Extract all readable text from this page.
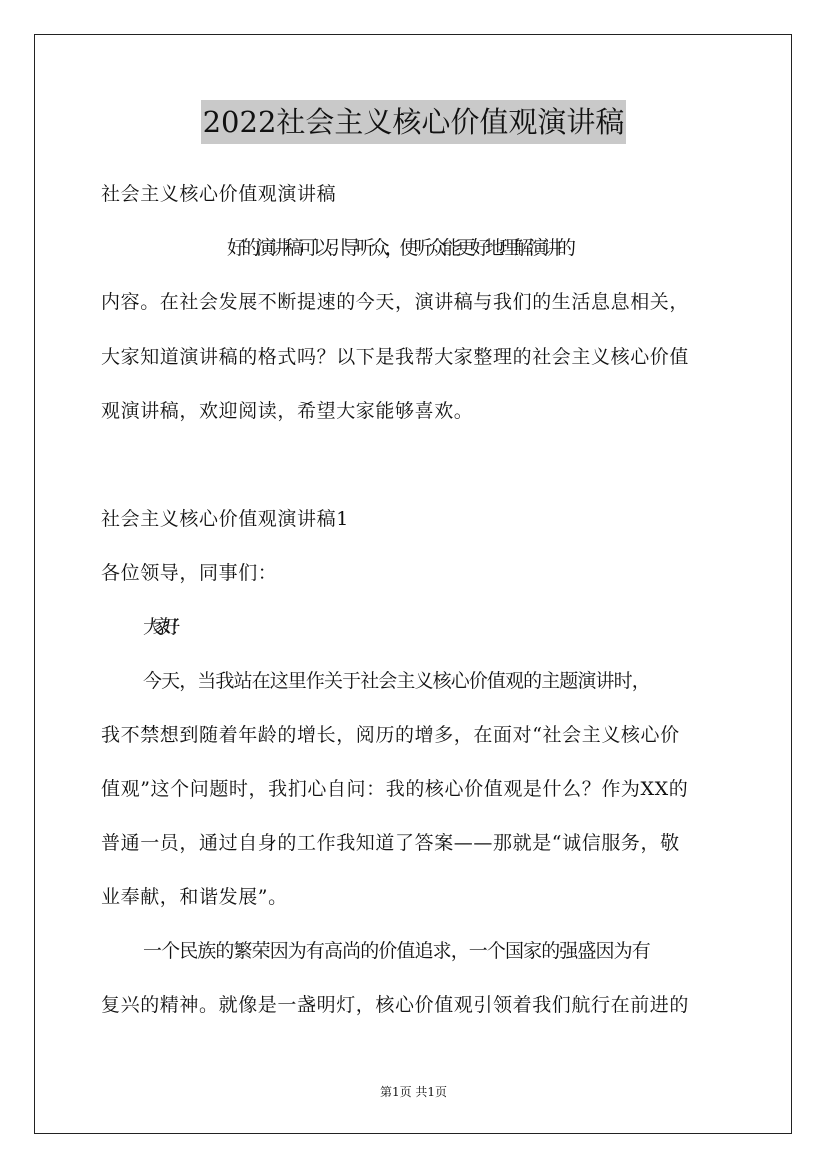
2022社会主义核心价值观演讲稿
社会主义核心价值观演讲稿
好的演讲稿可以引导听众，使听众能更好地理解演讲的
内容。在社会发展不断提速的今天，演讲稿与我们的生活息息相关，
大家知道演讲稿的格式吗？以下是我帮大家整理的社会主义核心价值
观演讲稿，欢迎阅读，希望大家能够喜欢。
社会主义核心价值观演讲稿1
各位领导，同事们：
大家好！
今天，当我站在这里作关于社会主义核心价值观的主题演讲时，
我不禁想到随着年龄的增长，阅历的增多，在面对“社会主义核心价
值观”这个问题时，我扪心自问：我的核心价值观是什么？作为XX的
普通一员，通过自身的工作我知道了答案——那就是“诚信服务，敬
业奉献，和谐发展”。
一个民族的繁荣因为有高尚的价值追求，一个国家的强盛因为有
复兴的精神。就像是一盏明灯，核心价值观引领着我们航行在前进的
第1页 共1页
